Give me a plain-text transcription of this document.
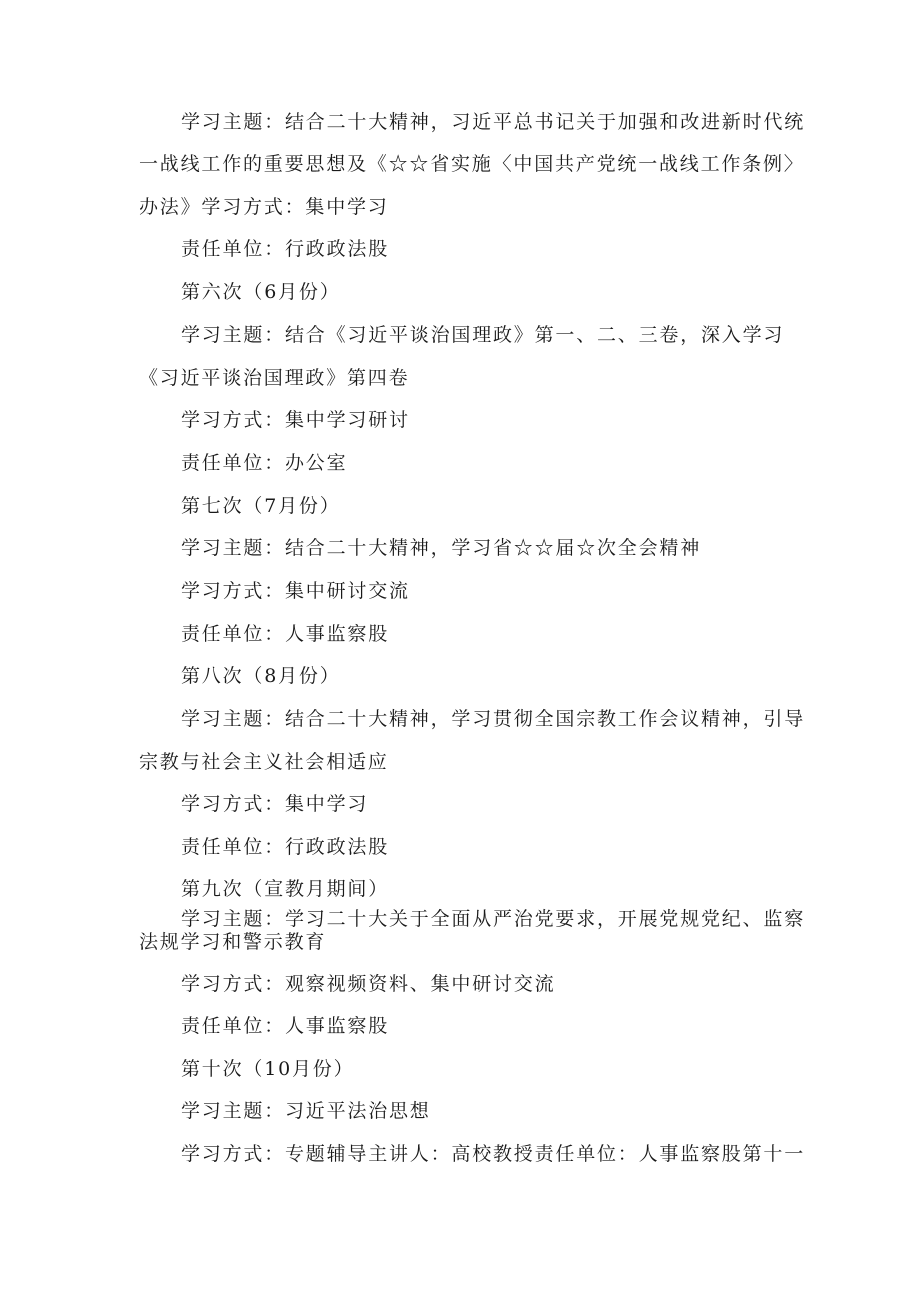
学习主题：结合二十大精神，习近平总书记关于加强和改进新时代统
一战线工作的重要思想及《☆☆省实施〈中国共产党统一战线工作条例〉
办法》学习方式：集中学习
责任单位：行政政法股
第六次（6月份）
学习主题：结合《习近平谈治国理政》第一、二、三卷，深入学习
《习近平谈治国理政》第四卷
学习方式：集中学习研讨
责任单位：办公室
第七次（7月份）
学习主题：结合二十大精神，学习省☆☆届☆次全会精神
学习方式：集中研讨交流
责任单位：人事监察股
第八次（8月份）
学习主题：结合二十大精神，学习贯彻全国宗教工作会议精神，引导
宗教与社会主义社会相适应
学习方式：集中学习
责任单位：行政政法股
第九次（宣教月期间）
学习主题：学习二十大关于全面从严治党要求，开展党规党纪、监察
法规学习和警示教育
学习方式：观察视频资料、集中研讨交流
责任单位：人事监察股
第十次（10月份）
学习主题：习近平法治思想
学习方式：专题辅导主讲人：高校教授责任单位：人事监察股第十一
